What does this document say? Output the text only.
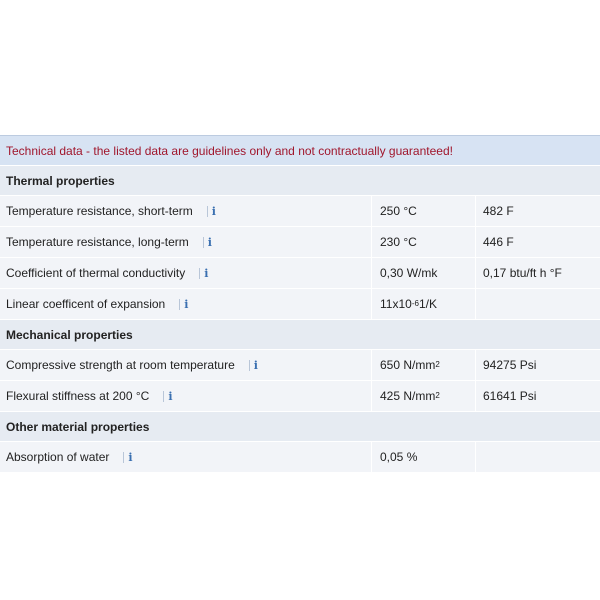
Technical data - the listed data are guidelines only and not contractually guaranteed!
Thermal properties
Temperature resistance, short-term	i	250 °C	482 F
Temperature resistance, long-term	i	230 °C	446 F
Coefficient of thermal conductivity	i	0,30 W/mk	0,17 btu/ft h °F
Linear coefficent of expansion	i	11x10 -6 1/K
Mechanical properties
Compressive strength at room temperature	i	650 N/mm 2	94275 Psi
Flexural stiffness at 200 °C	i	425 N/mm 2	61641 Psi
Other material properties
Absorption of water	i	0,05 %
